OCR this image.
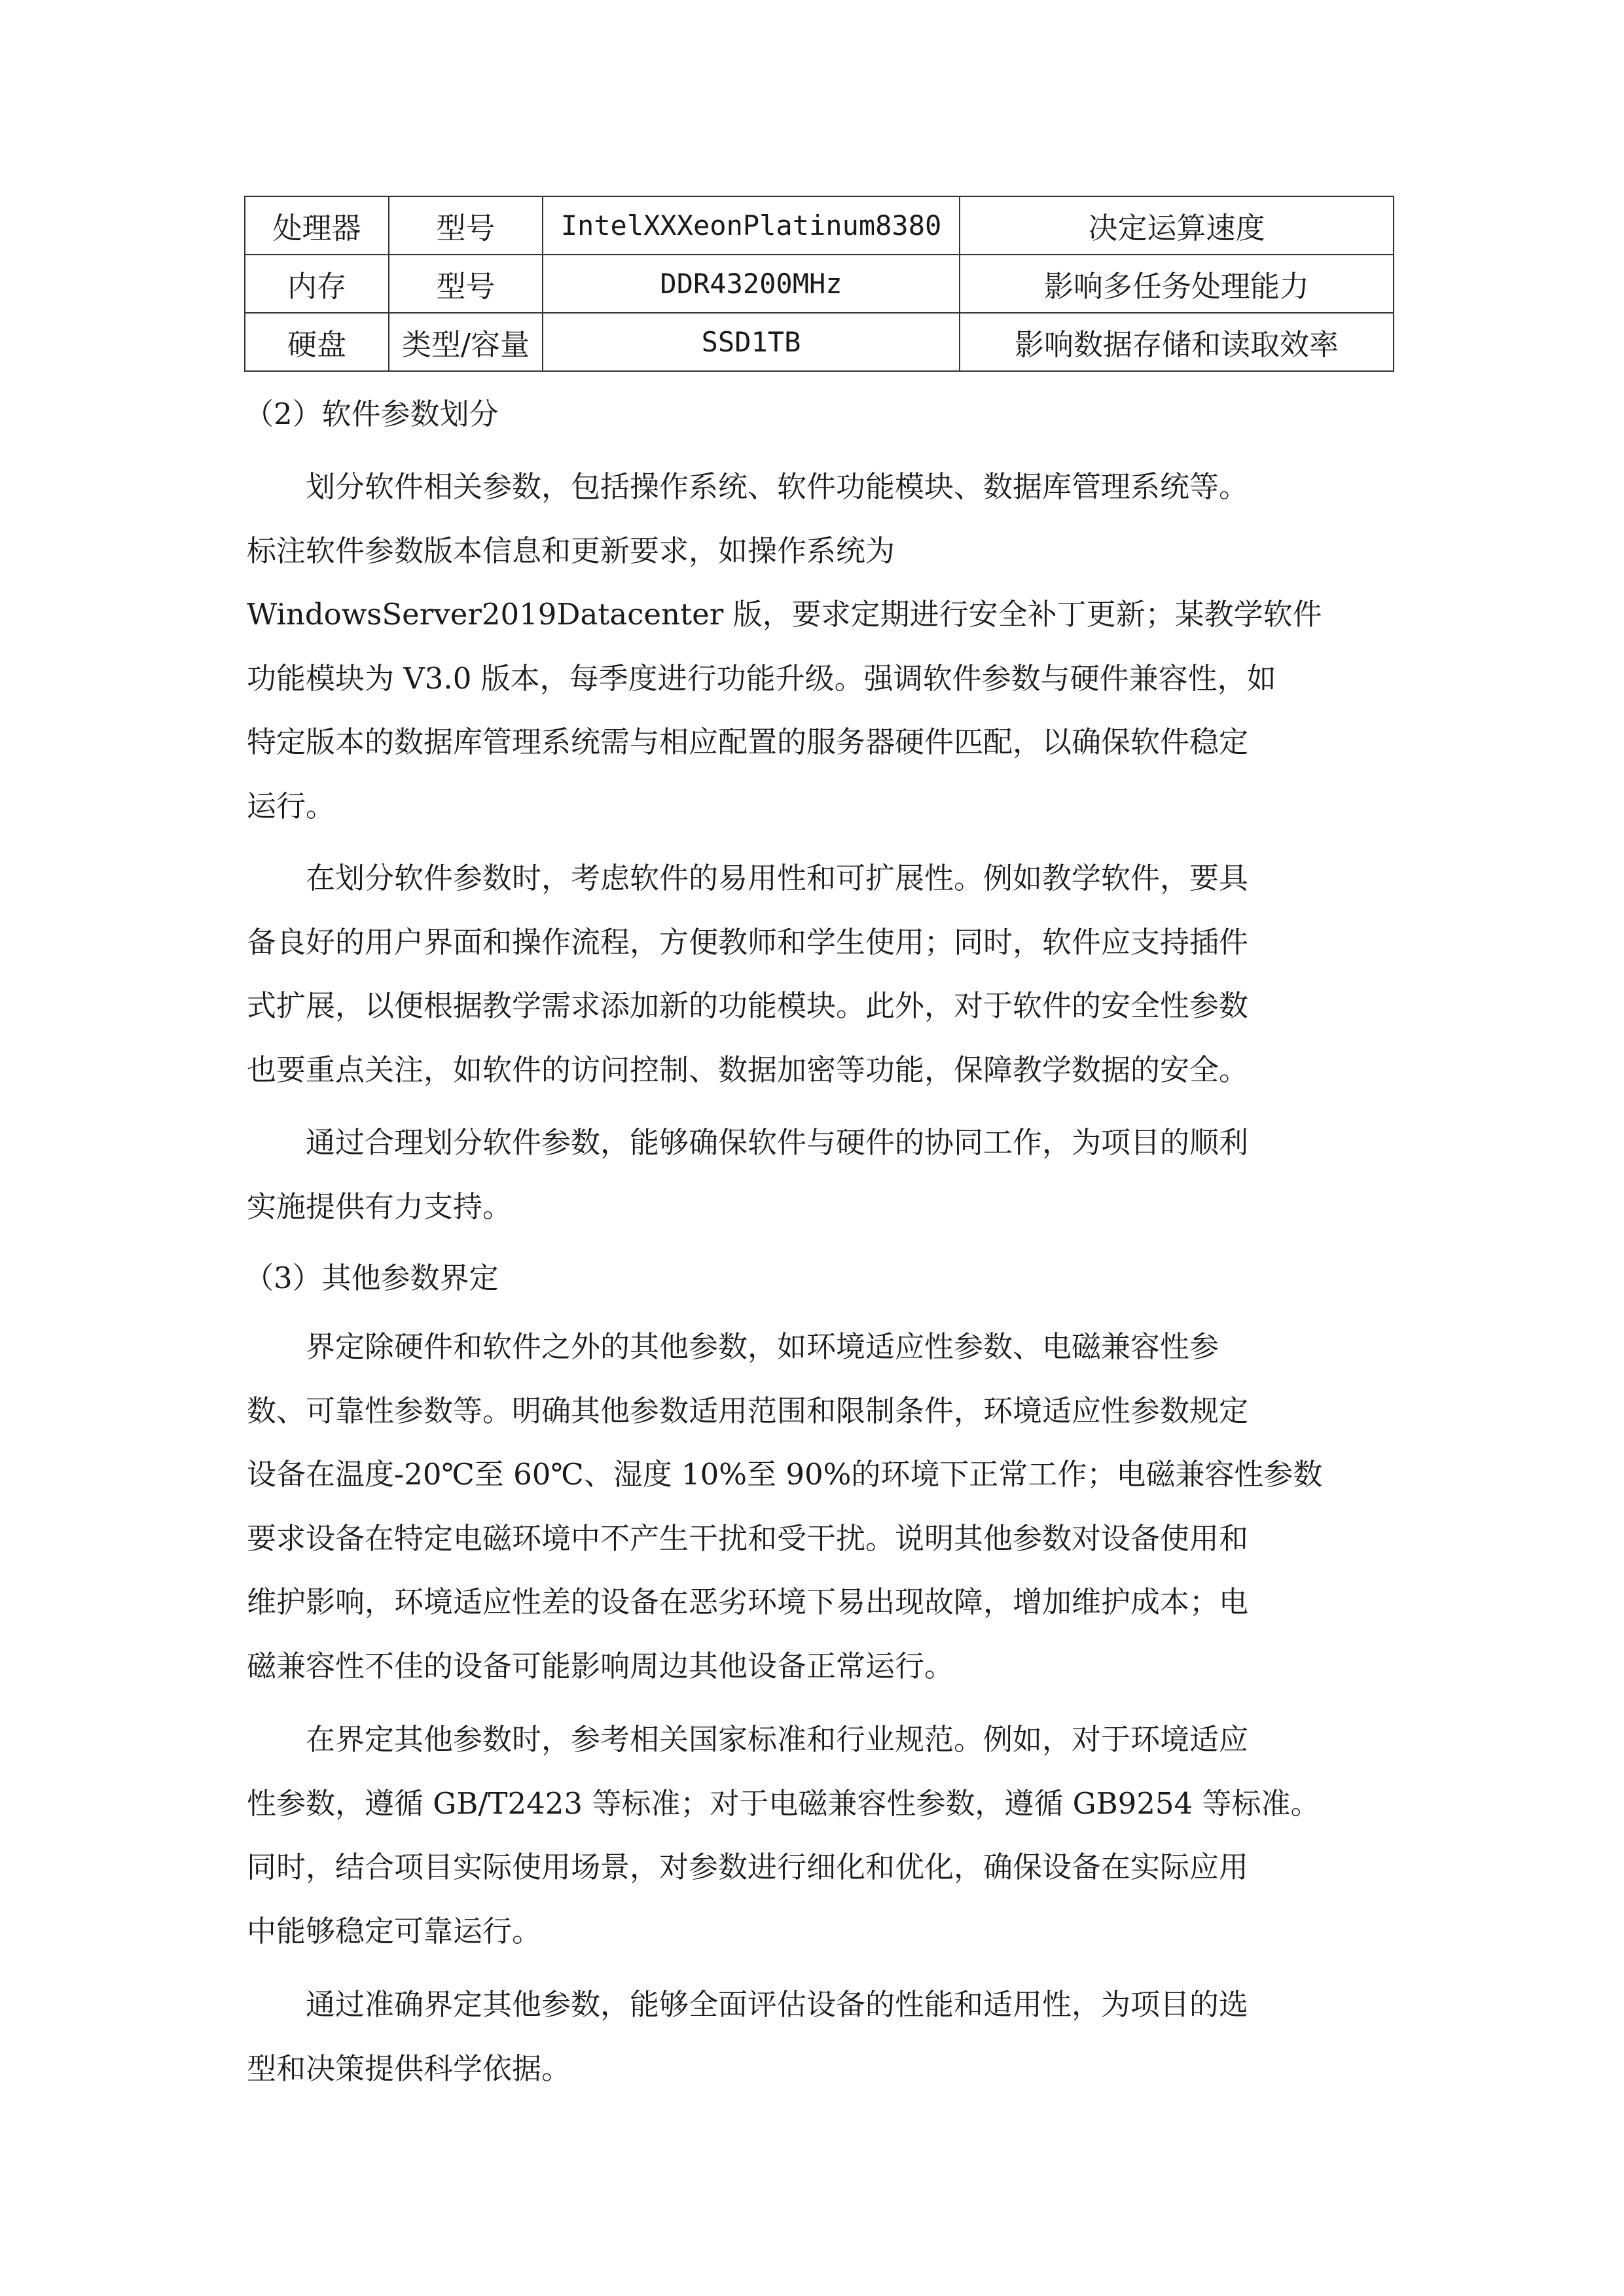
处理器	型号	IntelXXXeonPlatinum8380	决定运算速度
内存	型号	DDR43200MHz	影响多任务处理能力
硬盘	类型/容量	SSD1TB	影响数据存储和读取效率
（2）软件参数划分
划分软件相关参数，包括操作系统、软件功能模块、数据库管理系统等。
标注软件参数版本信息和更新要求，如操作系统为
WindowsServer2019Datacenter 版，要求定期进行安全补丁更新；某教学软件
功能模块为 V3.0 版本，每季度进行功能升级。强调软件参数与硬件兼容性，如
特定版本的数据库管理系统需与相应配置的服务器硬件匹配，以确保软件稳定
运行。
在划分软件参数时，考虑软件的易用性和可扩展性。例如教学软件，要具
备良好的用户界面和操作流程，方便教师和学生使用；同时，软件应支持插件
式扩展，以便根据教学需求添加新的功能模块。此外，对于软件的安全性参数
也要重点关注，如软件的访问控制、数据加密等功能，保障教学数据的安全。
通过合理划分软件参数，能够确保软件与硬件的协同工作，为项目的顺利
实施提供有力支持。
（3）其他参数界定
界定除硬件和软件之外的其他参数，如环境适应性参数、电磁兼容性参
数、可靠性参数等。明确其他参数适用范围和限制条件，环境适应性参数规定
设备在温度-20℃至 60℃、湿度 10%至 90%的环境下正常工作；电磁兼容性参数
要求设备在特定电磁环境中不产生干扰和受干扰。说明其他参数对设备使用和
维护影响，环境适应性差的设备在恶劣环境下易出现故障，增加维护成本；电
磁兼容性不佳的设备可能影响周边其他设备正常运行。
在界定其他参数时，参考相关国家标准和行业规范。例如，对于环境适应
性参数，遵循 GB/T2423 等标准；对于电磁兼容性参数，遵循 GB9254 等标准。
同时，结合项目实际使用场景，对参数进行细化和优化，确保设备在实际应用
中能够稳定可靠运行。
通过准确界定其他参数，能够全面评估设备的性能和适用性，为项目的选
型和决策提供科学依据。
